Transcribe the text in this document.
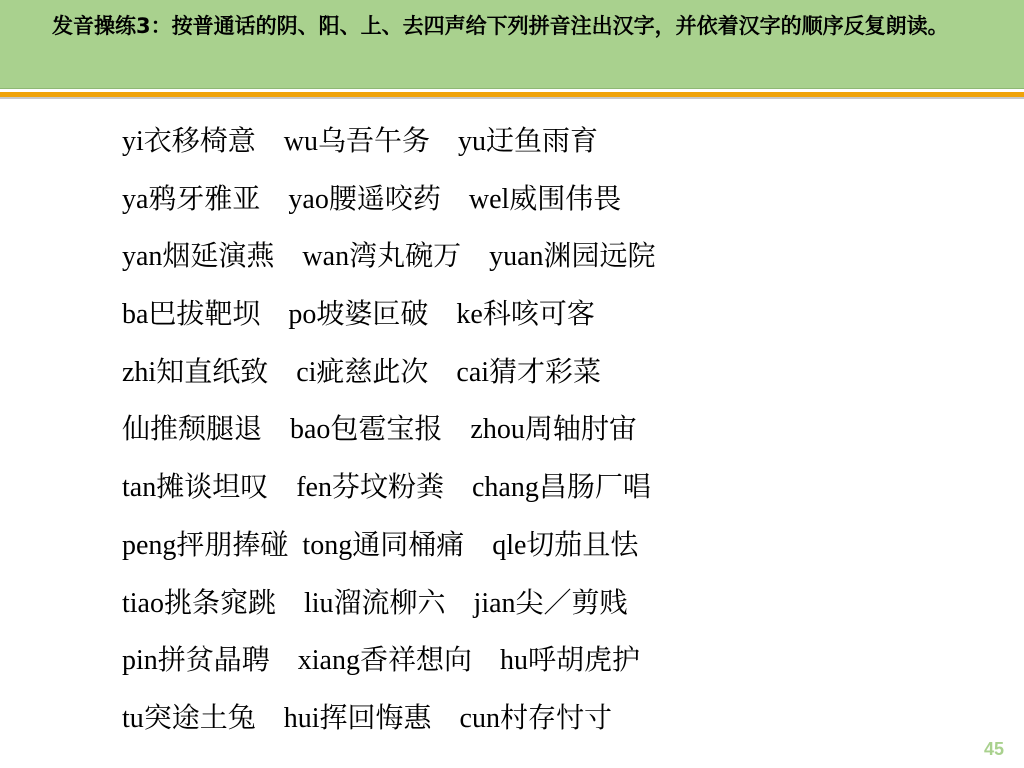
发音操练3：按普通话的阴、阳、上、去四声给下列拼音注出汉字，并依着汉字的顺序反复朗读。
yi衣移椅意    wu乌吾午务    yu迂鱼雨育
ya鸦牙雅亚    yao腰遥咬药    wel威围伟畏
yan烟延演燕    wan湾丸碗万    yuan渊园远院
ba巴拔靶坝    po坡婆叵破    ke科咳可客
zhi知直纸致    ci疵慈此次    cai猜才彩菜
仙推颓腿退    bao包雹宝报    zhou周轴肘宙
tan摊谈坦叹    fen芬坟粉粪    chang昌肠厂唱
peng抨朋捧碰  tong通同桶痛    qle切茄且怯
tiao挑条窕跳    liu溜流柳六    jian尖／剪贱
pin拼贫晶聘    xiang香祥想向    hu呼胡虎护
tu突途土兔    hui挥回悔惠    cun村存忖寸
45
